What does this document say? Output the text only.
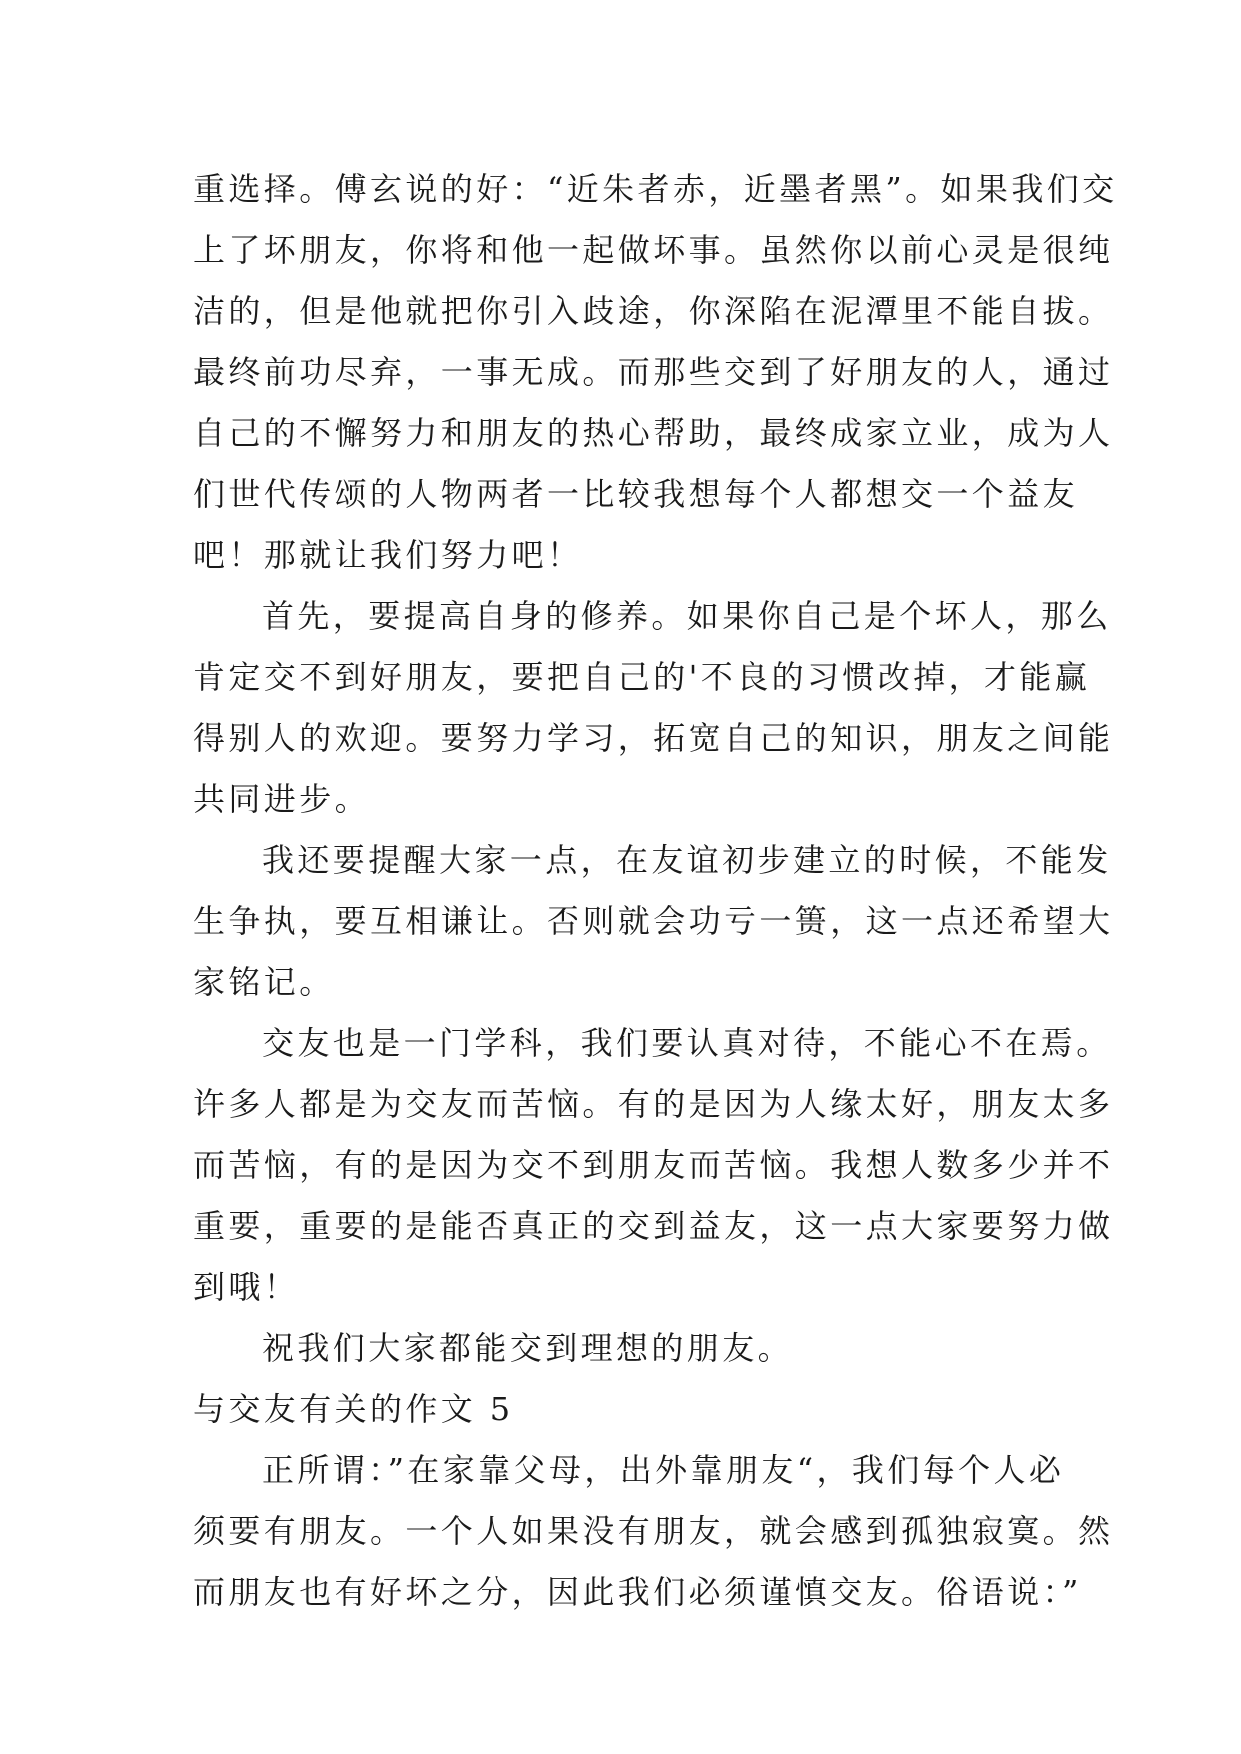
重选择。傅玄说的好：“近朱者赤，近墨者黑”。如果我们交
上了坏朋友，你将和他一起做坏事。虽然你以前心灵是很纯
洁的，但是他就把你引入歧途，你深陷在泥潭里不能自拔。
最终前功尽弃，一事无成。而那些交到了好朋友的人，通过
自己的不懈努力和朋友的热心帮助，最终成家立业，成为人
们世代传颂的人物两者一比较我想每个人都想交一个益友
吧！那就让我们努力吧！
首先，要提高自身的修养。如果你自己是个坏人，那么
肯定交不到好朋友，要把自己的'不良的习惯改掉，才能赢
得别人的欢迎。要努力学习，拓宽自己的知识，朋友之间能
共同进步。
我还要提醒大家一点，在友谊初步建立的时候，不能发
生争执，要互相谦让。否则就会功亏一篑，这一点还希望大
家铭记。
交友也是一门学科，我们要认真对待，不能心不在焉。
许多人都是为交友而苦恼。有的是因为人缘太好，朋友太多
而苦恼，有的是因为交不到朋友而苦恼。我想人数多少并不
重要，重要的是能否真正的交到益友，这一点大家要努力做
到哦！
祝我们大家都能交到理想的朋友。
与交友有关的作文 5
正所谓：”在家靠父母，出外靠朋友“，我们每个人必
须要有朋友。一个人如果没有朋友，就会感到孤独寂寞。然
而朋友也有好坏之分，因此我们必须谨慎交友。俗语说：”
